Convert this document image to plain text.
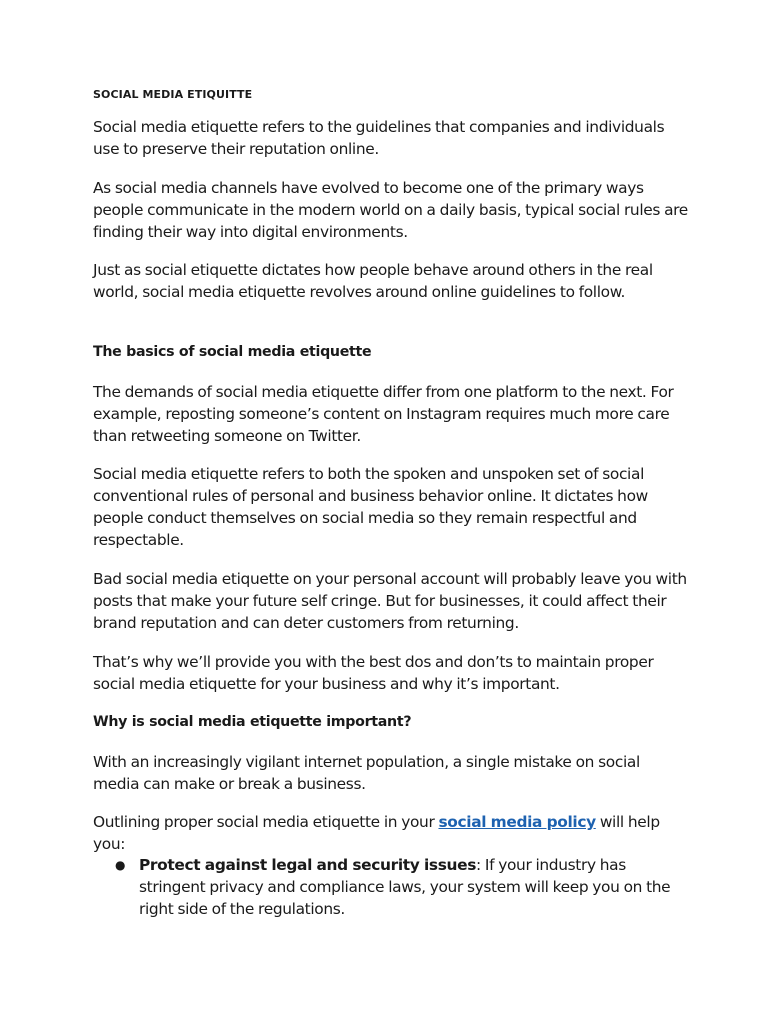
SOCIAL MEDIA ETIQUITTE

Social media etiquette refers to the guidelines that companies and individuals use to preserve their reputation online.

As social media channels have evolved to become one of the primary ways people communicate in the modern world on a daily basis, typical social rules are finding their way into digital environments.

Just as social etiquette dictates how people behave around others in the real world, social media etiquette revolves around online guidelines to follow.

The basics of social media etiquette

The demands of social media etiquette differ from one platform to the next. For example, reposting someone’s content on Instagram requires much more care than retweeting someone on Twitter.

Social media etiquette refers to both the spoken and unspoken set of social conventional rules of personal and business behavior online. It dictates how people conduct themselves on social media so they remain respectful and respectable.

Bad social media etiquette on your personal account will probably leave you with posts that make your future self cringe. But for businesses, it could affect their brand reputation and can deter customers from returning.

That’s why we’ll provide you with the best dos and don’ts to maintain proper social media etiquette for your business and why it’s important.

Why is social media etiquette important?

With an increasingly vigilant internet population, a single mistake on social media can make or break a business.

Outlining proper social media etiquette in your social media policy will help you:

● Protect against legal and security issues: If your industry has stringent privacy and compliance laws, your system will keep you on the right side of the regulations.
